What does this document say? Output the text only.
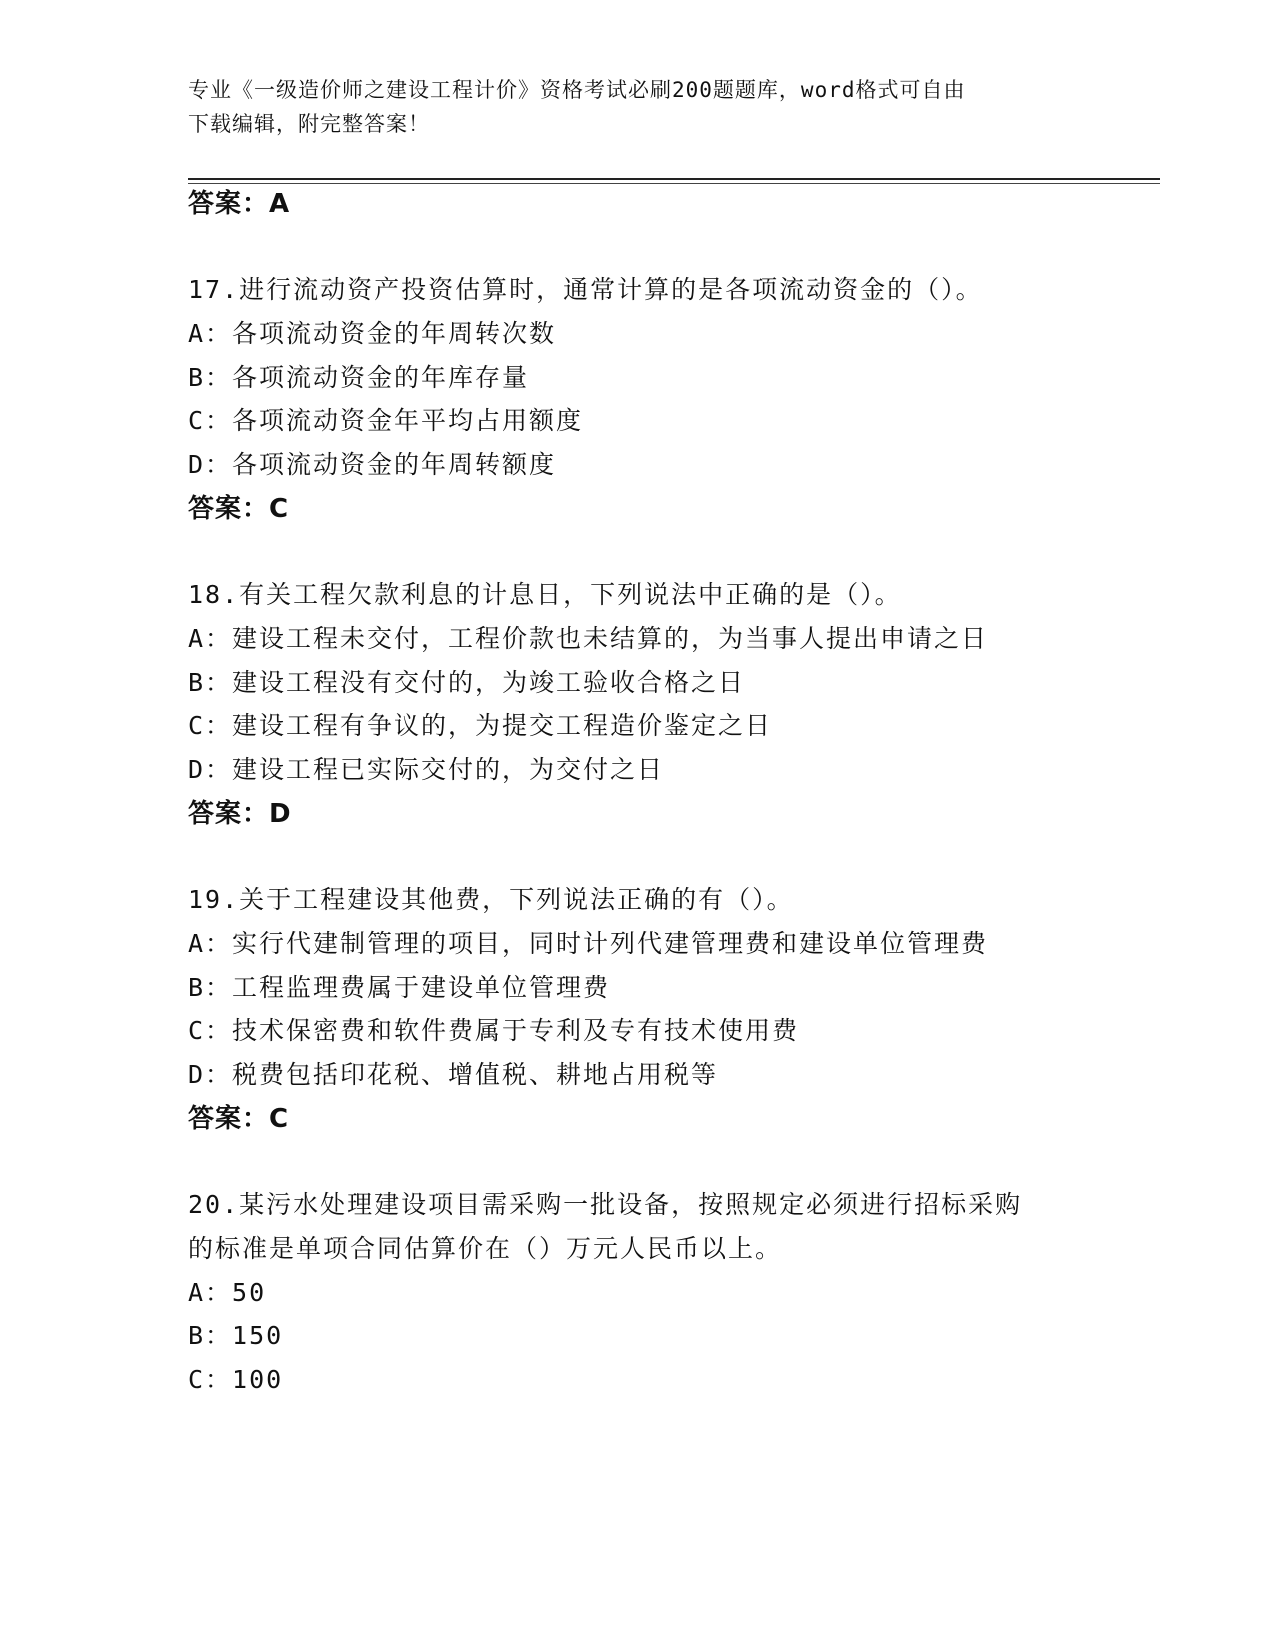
专业《一级造价师之建设工程计价》资格考试必刷200题题库，word格式可自由
下载编辑，附完整答案！
答案：A
17.进行流动资产投资估算时，通常计算的是各项流动资金的（）。
A：各项流动资金的年周转次数
B：各项流动资金的年库存量
C：各项流动资金年平均占用额度
D：各项流动资金的年周转额度
答案：C
18.有关工程欠款利息的计息日，下列说法中正确的是（）。
A：建设工程未交付，工程价款也未结算的，为当事人提出申请之日
B：建设工程没有交付的，为竣工验收合格之日
C：建设工程有争议的，为提交工程造价鉴定之日
D：建设工程已实际交付的，为交付之日
答案：D
19.关于工程建设其他费，下列说法正确的有（）。
A：实行代建制管理的项目，同时计列代建管理费和建设单位管理费
B：工程监理费属于建设单位管理费
C：技术保密费和软件费属于专利及专有技术使用费
D：税费包括印花税、增值税、耕地占用税等
答案：C
20.某污水处理建设项目需采购一批设备，按照规定必须进行招标采购
的标准是单项合同估算价在（）万元人民币以上。
A：50
B：150
C：100
